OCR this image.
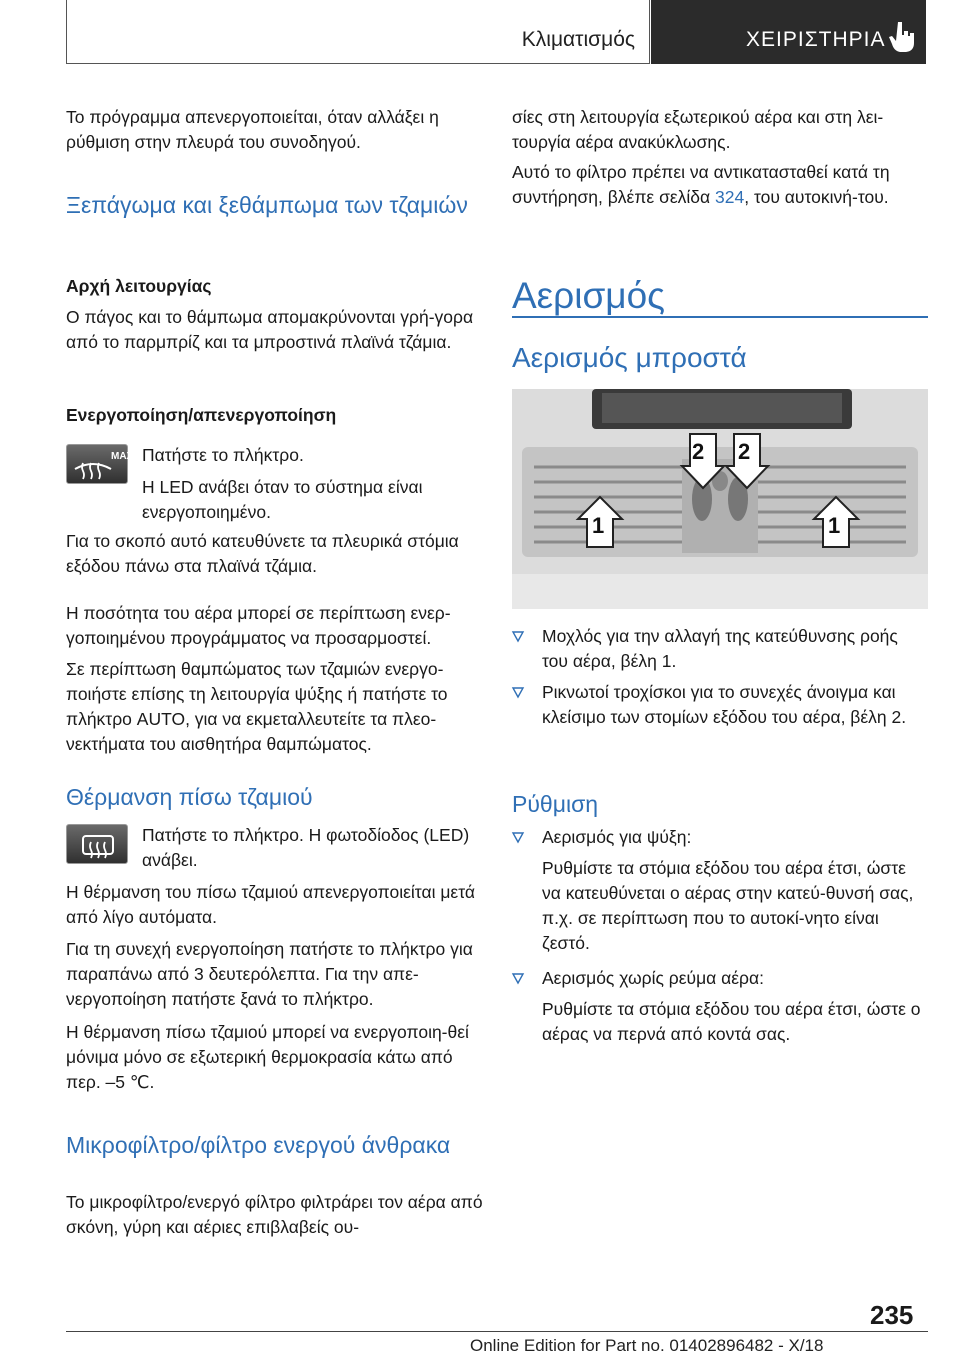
Κλιματισμός	ΧΕΙΡΙΣΤΗΡΙΑ

Το πρόγραμμα απενεργοποιείται, όταν αλλάξει η ρύθμιση στην πλευρά του συνοδηγού.

Ξεπάγωμα και ξεθάμπωμα των τζαμιών
Αρχή λειτουργίας

Ο πάγος και το θάμπωμα απομακρύνονται γρή-γορα από το παρμπρίζ και τα μπροστινά πλαϊνά τζάμια.

Ενεργοποίηση/απενεργοποίηση
MAX Πατήστε το πλήκτρο.

Η LED ανάβει όταν το σύστημα είναι ενεργοποιημένο.

Για το σκοπό αυτό κατευθύνετε τα πλευρικά στόμια εξόδου πάνω στα πλαϊνά τζάμια.

Η ποσότητα του αέρα μπορεί σε περίπτωση ενερ-γοποιημένου προγράμματος να προσαρμοστεί.

Σε περίπτωση θαμπώματος των τζαμιών ενεργο-ποιήστε επίσης τη λειτουργία ψύξης ή πατήστε το πλήκτρο AUTO, για να εκμεταλλευτείτε τα πλεο-νεκτήματα του αισθητήρα θαμπώματος.

Θέρμανση πίσω τζαμιού

Πατήστε το πλήκτρο. Η φωτοδίοδος (LED) ανάβει.

Η θέρμανση του πίσω τζαμιού απενεργοποιείται μετά από λίγο αυτόματα.

Για τη συνεχή ενεργοποίηση πατήστε το πλήκτρο για παραπάνω από 3 δευτερόλεπτα. Για την απε-νεργοποίηση πατήστε ξανά το πλήκτρο.

Η θέρμανση πίσω τζαμιού μπορεί να ενεργοποιη-θεί μόνιμα μόνο σε εξωτερική θερμοκρασία κάτω από περ. –5 ℃.

Μικροφίλτρο/φίλτρο ενεργού άνθρακα

Το μικροφίλτρο/ενεργό φίλτρο φιλτράρει τον αέρα από σκόνη, γύρη και αέριες επιβλαβείς ου-

σίες στη λειτουργία εξωτερικού αέρα και στη λει-τουργία αέρα ανακύκλωσης.

Αυτό το φίλτρο πρέπει να αντικατασταθεί κατά τη συντήρηση, βλέπε σελίδα 324, του αυτοκινή-του.

Αερισμός
Αερισμός μπροστά
2 2
1	1

Μοχλός για την αλλαγή της κατεύθυνσης ροής του αέρα, βέλη 1.

Ρικνωτοί τροχίσκοι για το συνεχές άνοιγμα και κλείσιμο των στομίων εξόδου του αέρα, βέλη 2.

Ρύθμιση

Αερισμός για ψύξη:

Ρυθμίστε τα στόμια εξόδου του αέρα έτσι, ώστε να κατευθύνεται ο αέρας στην κατεύ-θυνσή σας, π.χ. σε περίπτωση που το αυτοκί-νητο είναι ζεστό.

Αερισμός χωρίς ρεύμα αέρα:

Ρυθμίστε τα στόμια εξόδου του αέρα έτσι, ώστε ο αέρας να περνά από κοντά σας.

235
Online Edition for Part no. 01402896482 - X/18
